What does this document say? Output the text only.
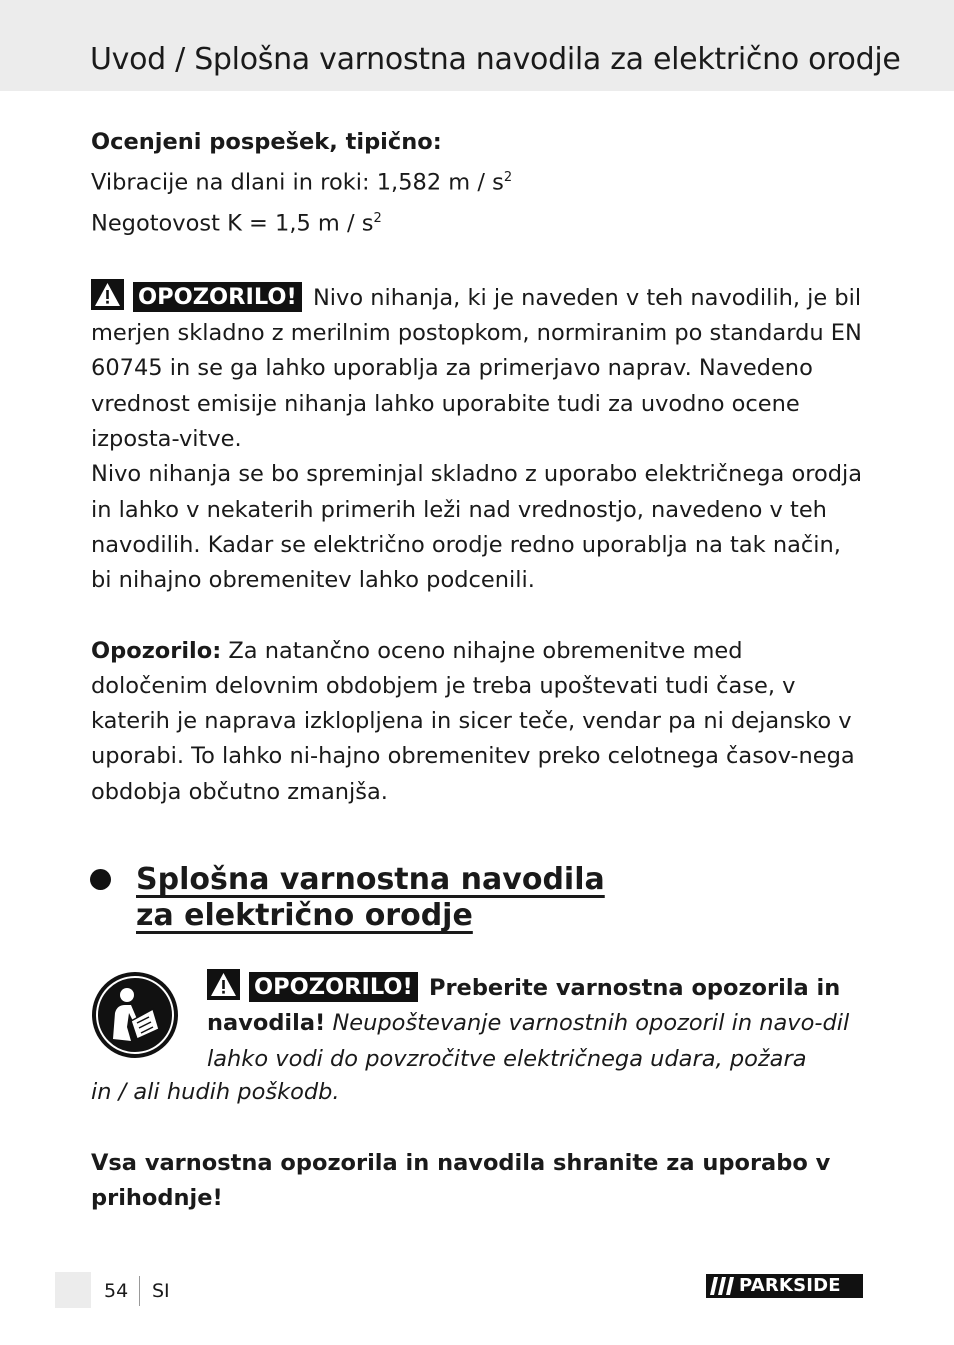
Uvod / Splošna varnostna navodila za električno orodje

Ocenjeni pospešek, tipično:

Vibracije na dlani in roki: 1,582 m / $s^2$

Negotovost K = 1,5 m / $s^2$

OPOZORILO! Nivo nihanja, ki je naveden v teh navodilih, je bil merjen skladno z merilnim postopkom, normiranim po standardu EN 60745 in se ga lahko uporablja za primerjavo naprav. Navedeno vrednost emisije nihanja lahko uporabite tudi za uvodno ocene izposta-vitve.

Nivo nihanja se bo spreminjal skladno z uporabo električnega orodja in lahko v nekaterih primerih leži nad vrednostjo, navedeno v teh navodilih. Kadar se električno orodje redno uporablja na tak način, bi nihajno obremenitev lahko podcenili.

Opozorilo: Za natančno oceno nihajne obremenitve med določenim delovnim obdobjem je treba upoštevati tudi čase, v katerih je naprava izklopljena in sicer teče, vendar pa ni dejansko v uporabi. To lahko ni-hajno obremenitev preko celotnega časov-nega obdobja občutno zmanjša.

Splošna varnostna navodila
za električno orodje
OPOZORILO! Preberite varnostna opozorila in navodila! Neupoštevanje varnostnih opozoril in navo-dil lahko vodi do povzročitve električnega udara, požara
in / ali hudih poškodb.
Vsa varnostna opozorila in navodila shranite za uporabo v prihodnje!
54 SI	PARKSIDE
